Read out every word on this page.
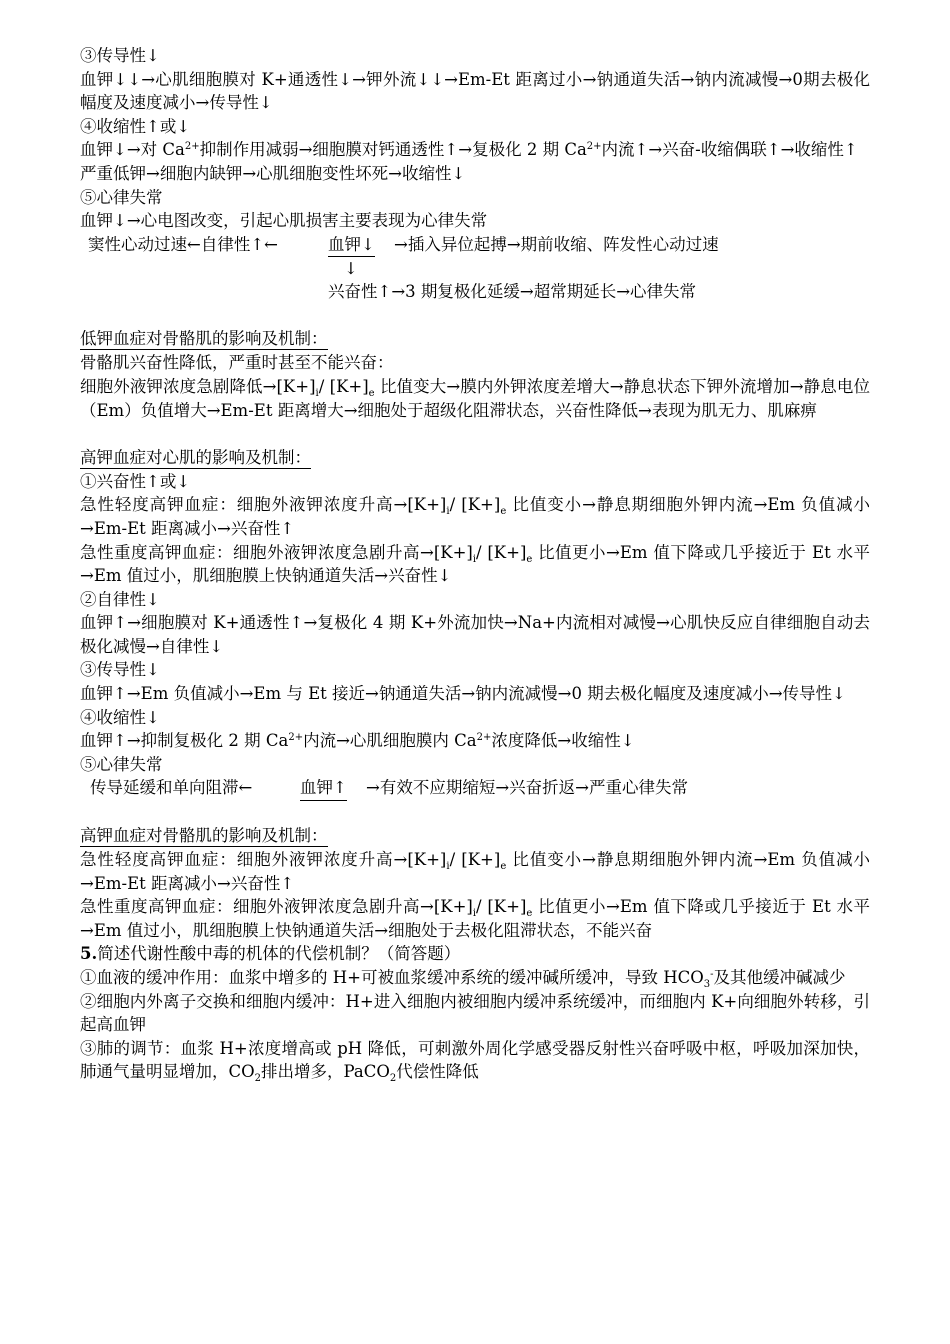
③传导性↓

血钾↓↓→心肌细胞膜对 K+通透性↓→钾外流↓↓→Em-Et 距离过小→钠通道失活→钠内流减慢→0期去极化幅度及速度减小→传导性↓

④收缩性↑或↓

血钾↓→对 $Ca^{2+}$抑制作用减弱→细胞膜对钙通透性↑→复极化 2 期 $Ca^{2+}$内流↑→兴奋-收缩偶联↑→收缩性↑

严重低钾→细胞内缺钾→心肌细胞变性坏死→收缩性↓

⑤心律失常

血钾↓→心电图改变，引起心肌损害主要表现为心律失常

窦性心动过速←自律性↑←	血钾↓ →插入异位起搏→期前收缩、阵发性心动过速
↓
兴奋性↑→3 期复极化延缓→超常期延长→心律失常

低钾血症对骨骼肌的影响及机制：

骨骼肌兴奋性降低，严重时甚至不能兴奋：

细胞外液钾浓度急剧降低$\to[K+]_i/$ $[K+]_e$ 比值变大→膜内外钾浓度差增大→静息状态下钾外流增加→静息电位（Em）负值增大→Em-Et 距离增大→细胞处于超级化阻滞状态，兴奋性降低→表现为肌无力、肌麻痹

高钾血症对心肌的影响及机制：

①兴奋性↑或↓

急性轻度高钾血症：细胞外液钾浓度升高$\to[K+]_i/$ $[K+]_e$ 比值变小→静息期细胞外钾内流→Em 负值减小→Em-Et 距离减小→兴奋性↑

急性重度高钾血症：细胞外液钾浓度急剧升高$\to[K+]_i/$ $[K+]_e$ 比值更小→Em 值下降或几乎接近于 Et 水平→Em 值过小，肌细胞膜上快钠通道失活→兴奋性↓

②自律性↓

血钾↑→细胞膜对 K+通透性↑→复极化 4 期 K+外流加快→Na+内流相对减慢→心肌快反应自律细胞自动去极化减慢→自律性↓

③传导性↓

血钾↑→Em 负值减小→Em 与 Et 接近→钠通道失活→钠内流减慢→0 期去极化幅度及速度减小→传导性↓

④收缩性↓

血钾↑→抑制复极化 2 期 $Ca^{2+}$内流→心肌细胞膜内 $Ca^{2+}$浓度降低→收缩性↓

⑤心律失常

传导延缓和单向阻滞←	血钾↑ →有效不应期缩短→兴奋折返→严重心律失常

高钾血症对骨骼肌的影响及机制：

急性轻度高钾血症：细胞外液钾浓度升高$\to[K+]_i/$ $[K+]_e$ 比值变小→静息期细胞外钾内流→Em 负值减小→Em-Et 距离减小→兴奋性↑

急性重度高钾血症：细胞外液钾浓度急剧升高$\to[K+]_i/$ $[K+]_e$ 比值更小→Em 值下降或几乎接近于 Et 水平→Em 值过小，肌细胞膜上快钠通道失活→细胞处于去极化阻滞状态，不能兴奋

5.简述代谢性酸中毒的机体的代偿机制？（简答题）

①血液的缓冲作用：血浆中增多的 H+可被血浆缓冲系统的缓冲碱所缓冲，导致 $HCO_3^-$及其他缓冲碱减少

②细胞内外离子交换和细胞内缓冲：H+进入细胞内被细胞内缓冲系统缓冲，而细胞内 K+向细胞外转移，引起高血钾

③肺的调节：血浆 H+浓度增高或 pH 降低，可刺激外周化学感受器反射性兴奋呼吸中枢，呼吸加深加快，肺通气量明显增加，$CO_2$排出增多，PaCO$_2$代偿性降低
